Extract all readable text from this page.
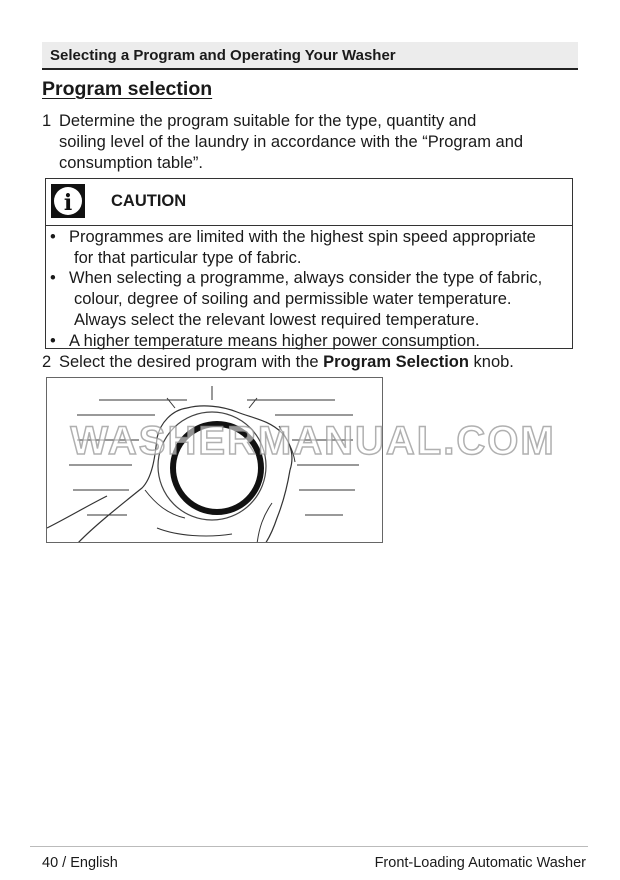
Selecting a Program and Operating Your Washer
Program selection
1 Determine the program suitable for the type, quantity and
soiling level of the laundry in accordance with the “Program and
consumption table”.
i CAUTION
• Programmes are limited with the highest spin speed appropriate
for that particular type of fabric.
• When selecting a programme, always consider the type of fabric,
colour, degree of soiling and permissible water temperature.
Always select the relevant lowest required temperature.
• A higher temperature means higher power consumption.
2 Select the desired program with the Program Selection knob.
WASHERMANUAL.COM
40 / English	Front-Loading Automatic Washer
